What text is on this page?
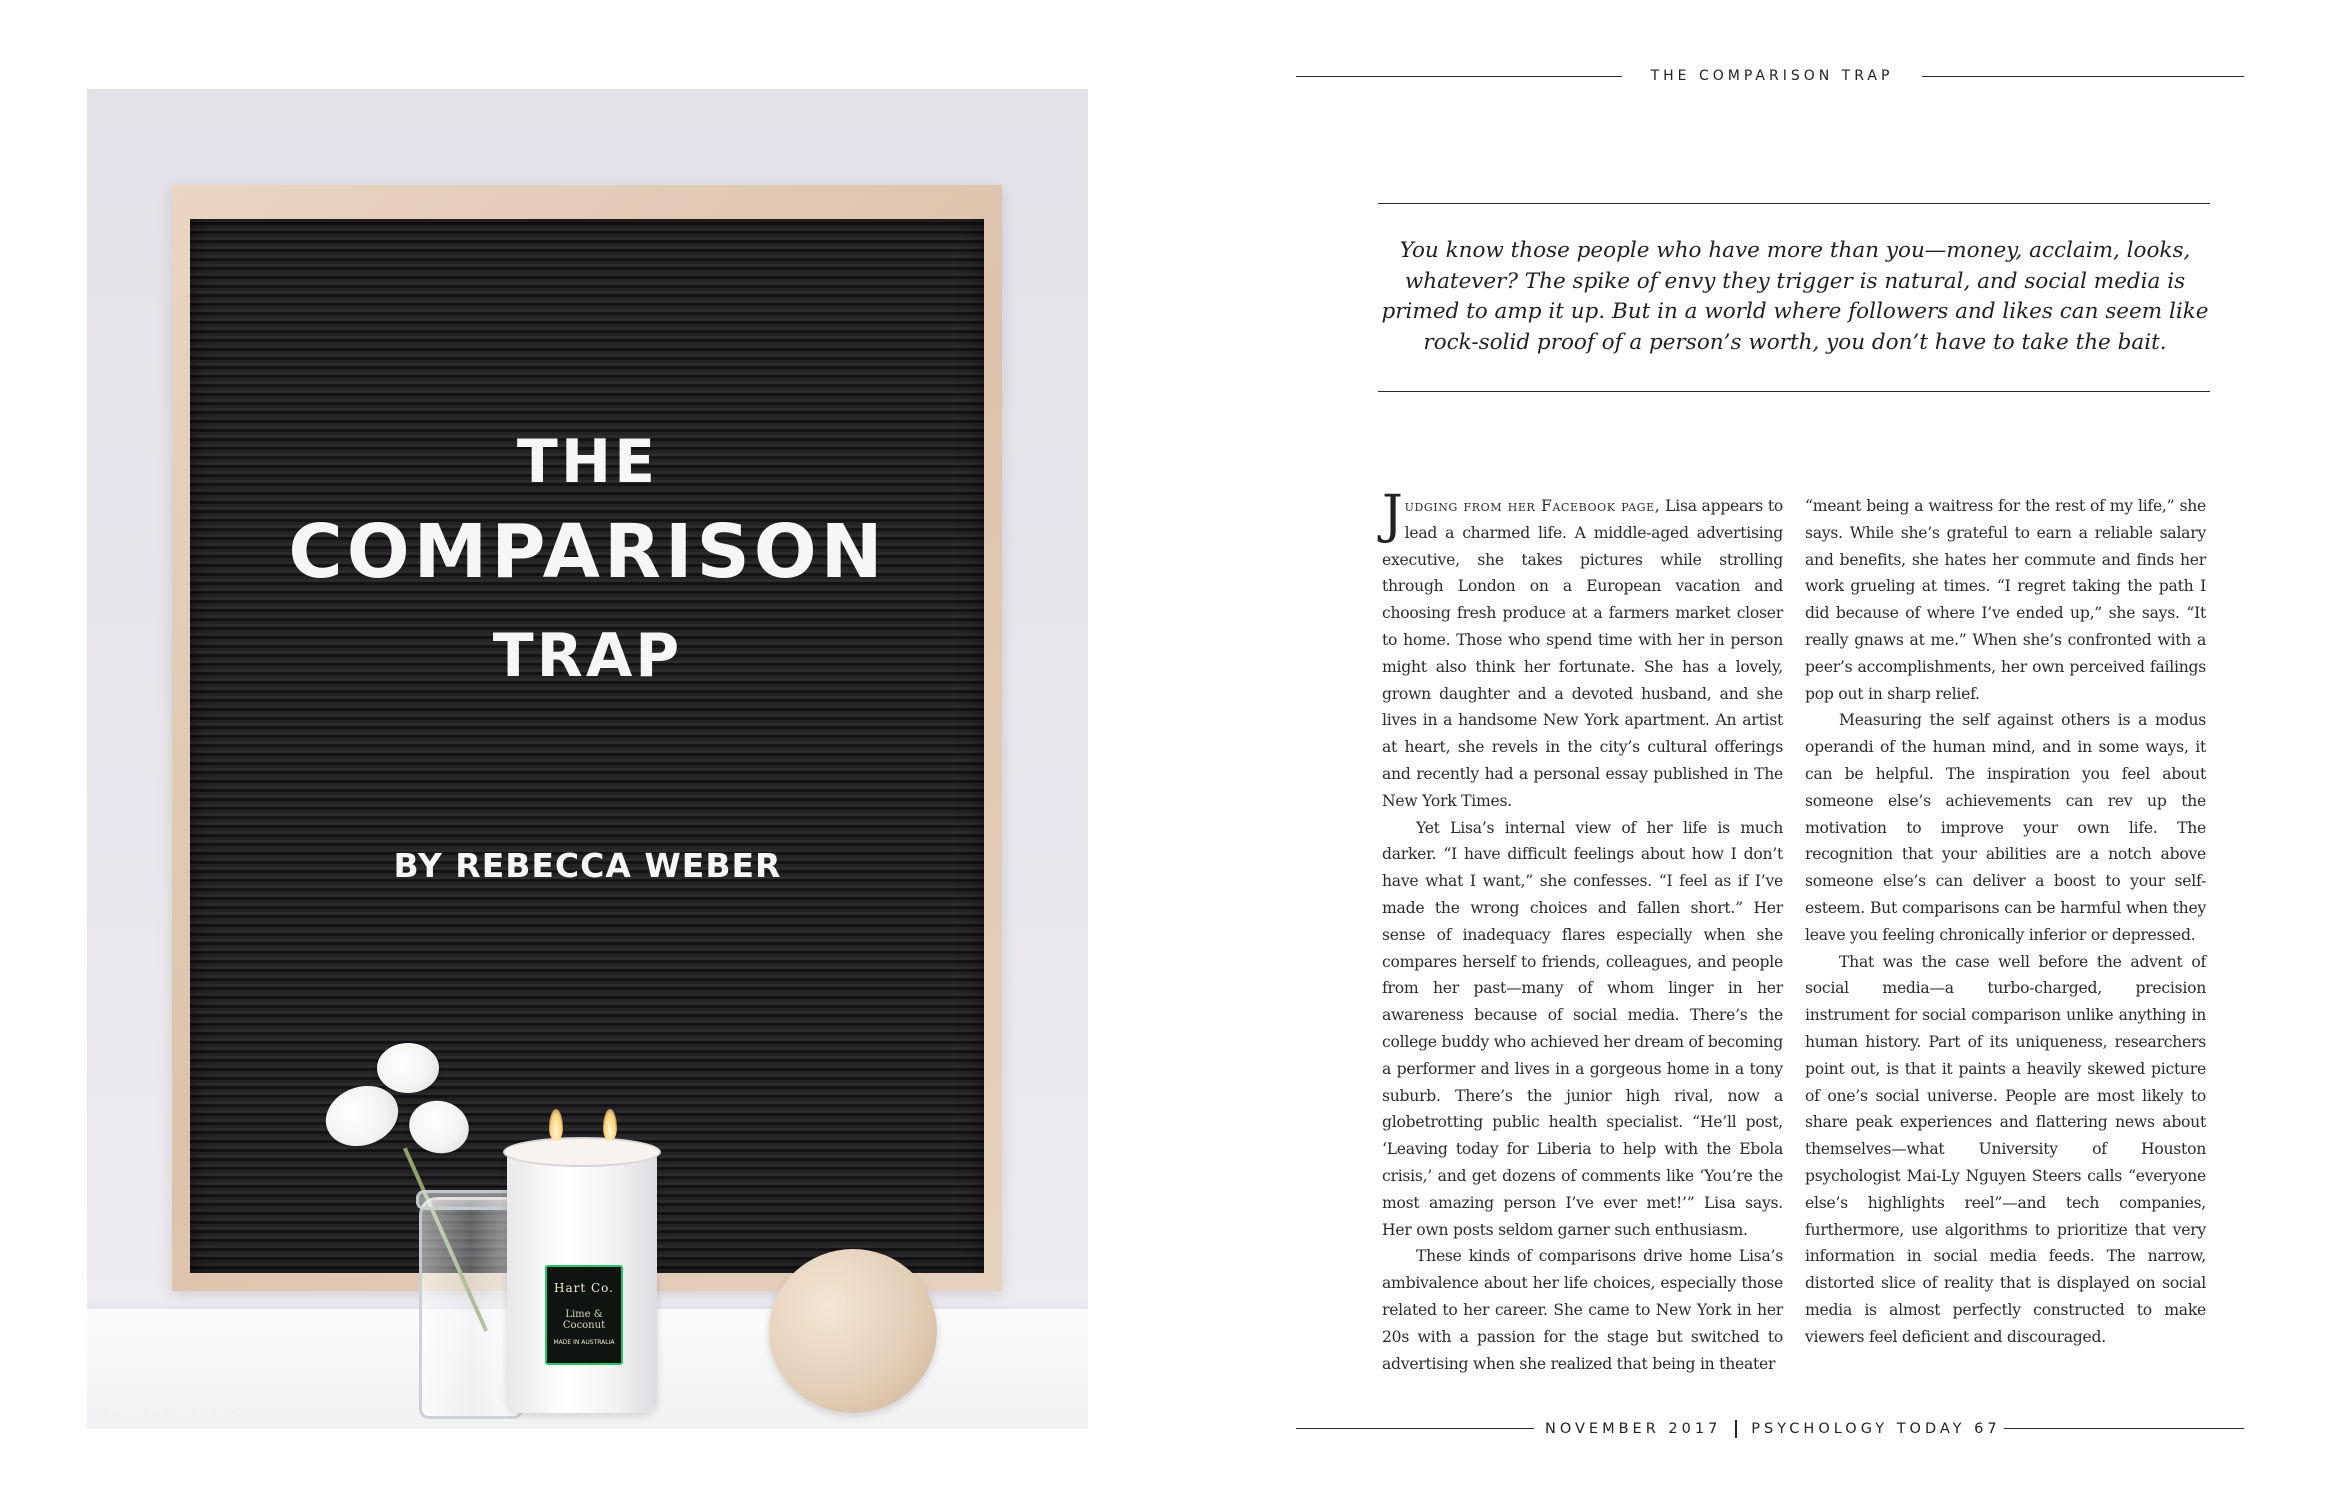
THE
COMPARISON
TRAP
BY REBECCA WEBER
Hart Co.
Lime & Coconut
MADE IN AUSTRALIA
Photo by Toa Heftiba
THE COMPARISON TRAP
You know those people who have more than you—money, acclaim, looks, whatever? The spike of envy they trigger is natural, and social media is primed to amp it up. But in a world where followers and likes can seem like rock-solid proof of a person’s worth, you don’t have to take the bait.

Judging from her Facebook page, Lisa appears to lead a charmed life. A middle-aged advertising executive, she takes pictures while strolling through London on a European vacation and choosing fresh produce at a farmers market closer to home. Those who spend time with her in person might also think her fortunate. She has a lovely, grown daughter and a devoted husband, and she lives in a handsome New York apartment. An artist at heart, she revels in the city’s cultural offerings and recently had a personal essay published in The New York Times.

Yet Lisa’s internal view of her life is much darker. “I have difficult feelings about how I don’t have what I want,” she confesses. “I feel as if I’ve made the wrong choices and fallen short.” Her sense of inadequacy flares especially when she compares herself to friends, colleagues, and people from her past—many of whom linger in her awareness because of social media. There’s the college buddy who achieved her dream of becoming a performer and lives in a gorgeous home in a tony suburb. There’s the junior high rival, now a globetrotting public health specialist. “He’ll post, ‘Leaving today for Liberia to help with the Ebola crisis,’ and get dozens of comments like ‘You’re the most amazing person I’ve ever met!’” Lisa says. Her own posts seldom garner such enthusiasm.

These kinds of comparisons drive home Lisa’s ambivalence about her life choices, especially those related to her career. She came to New York in her 20s with a passion for the stage but switched to advertising when she realized that being in theater

“meant being a waitress for the rest of my life,” she says. While she’s grateful to earn a reliable salary and benefits, she hates her commute and finds her work grueling at times. “I regret taking the path I did because of where I’ve ended up,” she says. “It really gnaws at me.” When she’s confronted with a peer’s accomplishments, her own perceived failings pop out in sharp relief.

Measuring the self against others is a modus operandi of the human mind, and in some ways, it can be helpful. The inspiration you feel about someone else’s achievements can rev up the motivation to improve your own life. The recognition that your abilities are a notch above someone else’s can deliver a boost to your self-esteem. But comparisons can be harmful when they leave you feeling chronically inferior or depressed.

That was the case well before the advent of social media—a turbo-charged, precision instrument for social comparison unlike anything in human history. Part of its uniqueness, researchers point out, is that it paints a heavily skewed picture of one’s social universe. People are most likely to share peak experiences and flattering news about themselves—what University of Houston psychologist Mai-Ly Nguyen Steers calls “everyone else’s highlights reel”—and tech companies, furthermore, use algorithms to prioritize that very information in social media feeds. The narrow, distorted slice of reality that is displayed on social media is almost perfectly constructed to make viewers feel deficient and discouraged.

NOVEMBER 2017 PSYCHOLOGY TODAY 67
